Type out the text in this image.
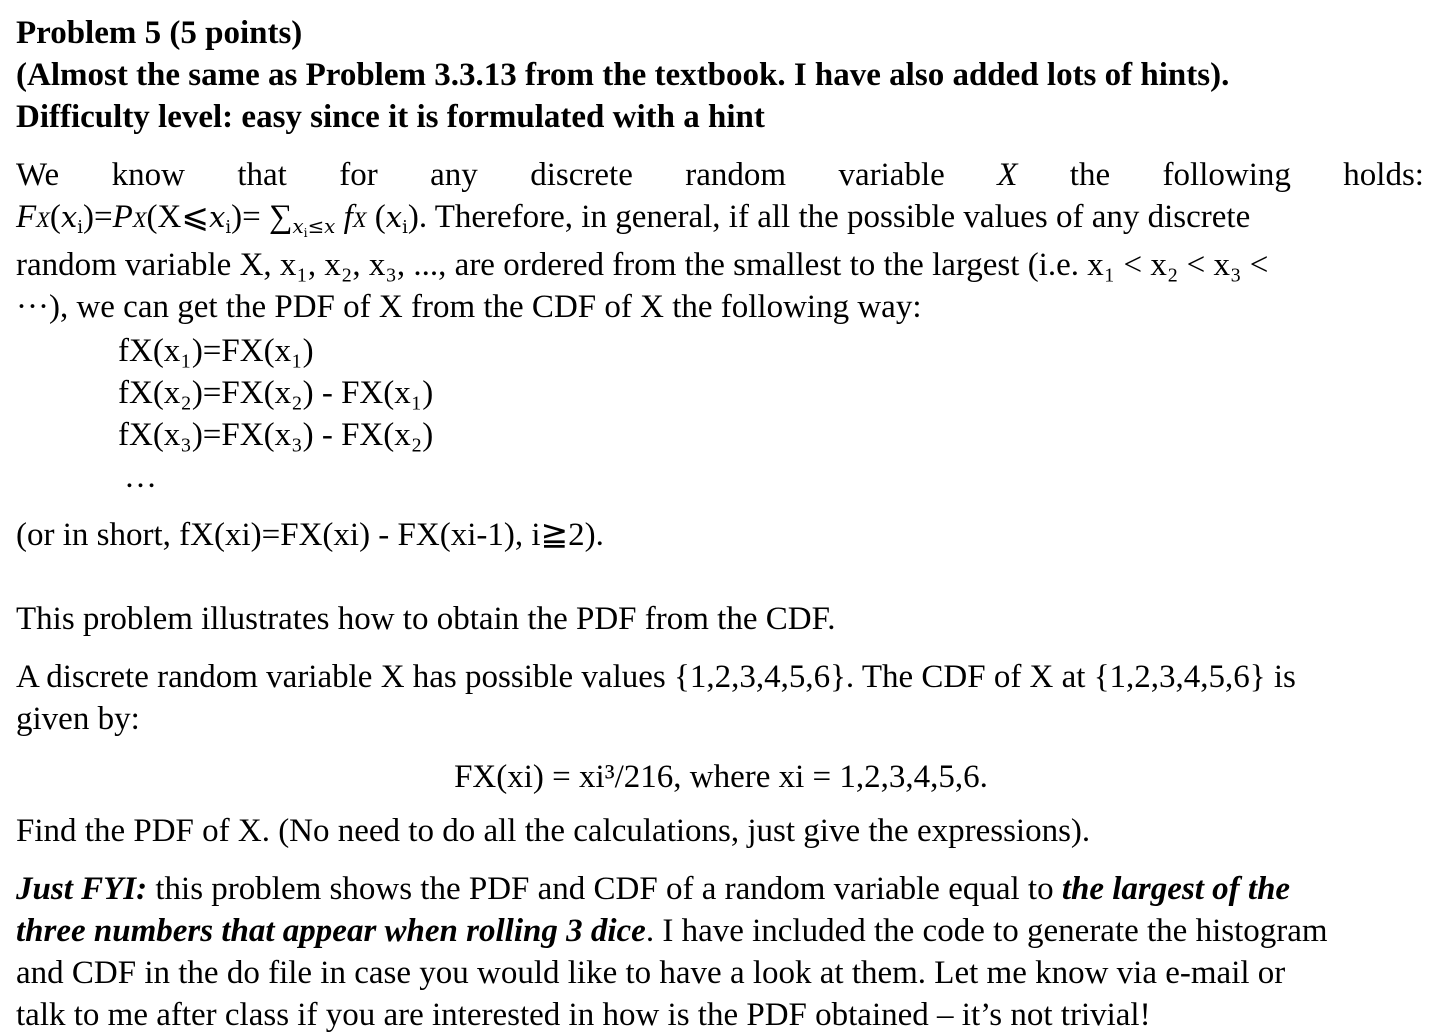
Problem 5 (5 points)
(Almost the same as Problem 3.3.13 from the textbook. I have also added lots of hints).
Difficulty level: easy since it is formulated with a hint
We know that for any discrete random variable X the following holds:
$FX(x_i)=PX(X⩽x_i)= \sum x_i\le x$ fX $(x_i)$. Therefore, in general, if all the possible values of any discrete
random variable X, x₁, x₂, x₃, ..., are ordered from the smallest to the largest (i.e. x₁ < x₂ < x₃ <
···), we can get the PDF of X from the CDF of X the following way:
fX(x₁)=FX(x₁)
fX(x₂)=FX(x₂) - FX(x₁)
fX(x₃)=FX(x₃) - FX(x₂)
…
(or in short, fX(xi)=FX(xi) - FX(xi-1), i≧2).
This problem illustrates how to obtain the PDF from the CDF.
A discrete random variable X has possible values {1,2,3,4,5,6}. The CDF of X at {1,2,3,4,5,6} is
given by:
FX(xi) = xi³/216, where xi = 1,2,3,4,5,6.
Find the PDF of X. (No need to do all the calculations, just give the expressions).
Just FYI: this problem shows the PDF and CDF of a random variable equal to the largest of the
three numbers that appear when rolling 3 dice. I have included the code to generate the histogram
and CDF in the do file in case you would like to have a look at them. Let me know via e-mail or
talk to me after class if you are interested in how is the PDF obtained – it’s not trivial!
